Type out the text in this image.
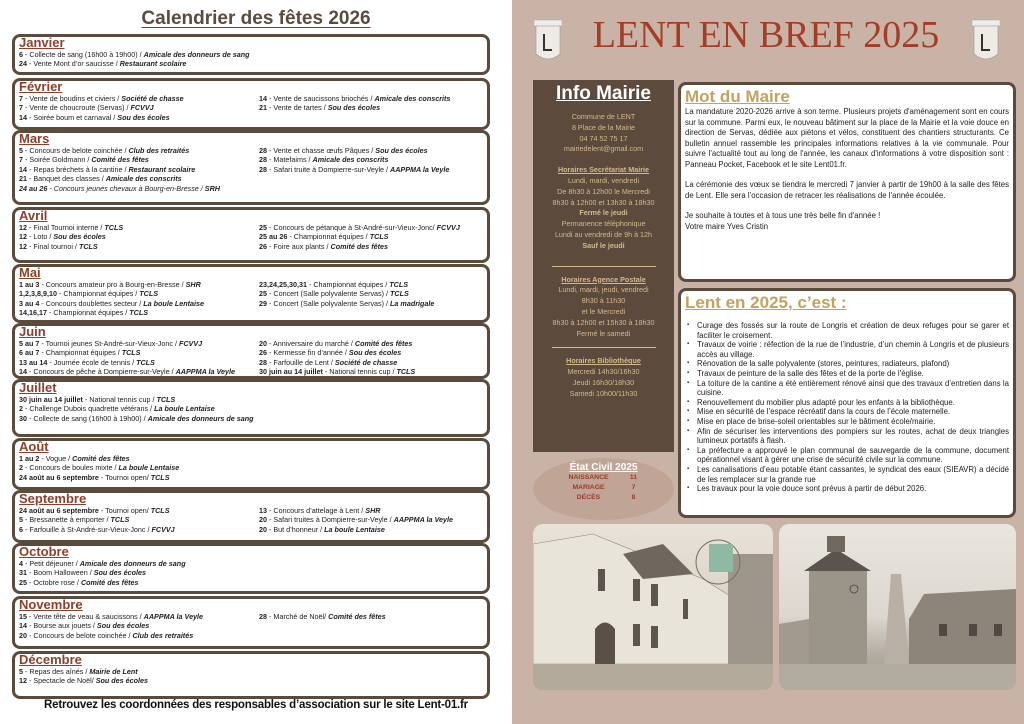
Calendrier des fêtes 2026
Janvier
6 - Collecte de sang (16h00 à 19h00) / Amicale des donneurs de sang
24 - Vente Mont d’or saucisse / Restaurant scolaire
Février
7 - Vente de boudins et civiers / Société de chasse
7 - Vente de choucroute (Servas) / FCVVJ
14 - Soirée boum et carnaval / Sou des écoles
14 - Vente de saucissons briochés / Amicale des conscrits
21 - Vente de tartes / Sou des écoles
Mars
5 - Concours de belote coinchée / Club des retraités
7 - Soirée Goldmann / Comité des fêtes
14 - Repas bréchets à la cantine / Restaurant scolaire
21 - Banquet des classes / Amicale des conscrits
24 au 26 - Concours jeunes chevaux à Bourg-en-Bresse / SRH
28 - Vente et chasse œufs Pâques / Sou des écoles
28 - Matefaims / Amicale des conscrits
28 - Safari truite à Dompierre-sur-Veyle / AAPPMA la Veyle
Avril
12 - Final Tournoi interne / TCLS
12 - Loto / Sou des écoles
12 - Final tournoi / TCLS
25 - Concours de pétanque à St-André-sur-Vieux-Jonc/ FCVVJ
25 au 26 - Championnat équipes / TCLS
26 - Foire aux plants / Comité des fêtes
Mai
1 au 3 - Concours amateur pro à Bourg-en-Bresse / SHR
1,2,3,8,9,10 - Championnat équipes / TCLS
3 au 4 - Concours doublettes secteur / La boule Lentaise
14,16,17 - Championnat équipes / TCLS
23,24,25,30,31 - Championnat équipes / TCLS
25 - Concert (Salle polyvalente Servas) / TCLS
29 - Concert (Salle polyvalente Servas) / La madrigale
Juin
5 au 7 - Tournoi jeunes St-André-sur-Vieux-Jonc / FCVVJ
6 au 7 - Championnat équipes / TCLS
13 au 14 - Journée école de tennis / TCLS
14 - Concours de pêche à Dompierre-sur-Veyle / AAPPMA la Veyle
20 - Anniversaire du marché / Comité des fêtes
26 - Kermesse fin d’année / Sou des écoles
28 - Farfouille de Lent / Société de chasse
30 juin au 14 juillet - National tennis cup / TCLS
Juillet
30 juin au 14 juillet - National tennis cup / TCLS
2 - Challenge Dubois quadrette vétérans / La boule Lentaise
30 - Collecte de sang (16h00 à 19h00) / Amicale des donneurs de sang
Août
1 au 2 - Vogue / Comité des fêtes
2 - Concours de boules mixte / La boule Lentaise
24 août au 6 septembre - Tournoi open/ TCLS
Septembre
24 août au 6 septembre - Tournoi open/ TCLS
5 - Bressanette à emporter / TCLS
6 - Farfouille à St-André-sur-Vieux-Jonc / FCVVJ
13 - Concours d’attelage à Lent / SHR
20 - Safari truites à Dompierre-sur-Veyle / AAPPMA la Veyle
20 - But d’honneur / La boule Lentaise
Octobre
4 - Petit déjeuner / Amicale des donneurs de sang
31 - Boom Halloween / Sou des écoles
25 - Octobre rose / Comité des fêtes
Novembre
15 - Vente tête de veau & saucissons / AAPPMA la Veyle
14 - Bourse aux jouets / Sou des écoles
20 - Concours de belote coinchée / Club des retraités
28 - Marché de Noël/ Comité des fêtes
Décembre
5 - Repas des aînés / Mairie de Lent
12 - Spectacle de Noël/ Sou des écoles
Retrouvez les coordonnées des responsables d’association sur le site Lent-01.fr
LENT EN BREF 2025
Info Mairie
Commune de LENT
8 Place de la Mairie
04 74 52 75 17
mairiedelent@gmail.com
Horaires Secrétariat Mairie
Lundi, mardi, vendredi
De 8h30 à 12h00 le Mercredi
8h30 à 12h00 et 13h30 à 18h30
Fermé le jeudi
Permanence téléphonique
Lundi au vendredi de 9h à 12h
Sauf le jeudi
Horaires Agence Postale
Lundi, mardi, jeudi, vendredi
8h30 à 11h30
et le Mercredi
8h30 à 12h00 et 15h30 à 18h30
Fermé le samedi
Horaires Bibliothèque
Mercredi 14h30/16h30
Jeudi 16h30/18h30
Samedi 10h00/11h30
État Civil 2025
NAISSANCE	11
MARIAGE	7
DÉCÈS	8
Mot du Maire

La mandature 2020-2026 arrive à son terme. Plusieurs projets d'aménagement sont en cours sur la commune. Parmi eux, le nouveau bâtiment sur la place de la Mairie et la voie douce en direction de Servas, dédiée aux piétons et vélos, constituent des chantiers structurants. Ce bulletin annuel rassemble les principales informations relatives à la vie communale. Pour suivre l'actualité tout au long de l'année, les canaux d'informations à votre disposition sont : Panneau Pocket, Facebook et le site Lent01.fr.

La cérémonie des vœux se tiendra le mercredi 7 janvier à partir de 19h00 à la salle des fêtes de Lent. Elle sera l’occasion de retracer les réalisations de l’année écoulée.

Je souhaite à toutes et à tous une très belle fin d'année !

Votre maire Yves Cristin

Lent en 2025, c’est :
▪ Curage des fossés sur la route de Longris et création de deux refuges pour se garer et faciliter le croisement.
▪ Travaux de voirie : réfection de la rue de l’industrie, d’un chemin à Longris et de plusieurs accès au village.
▪ Rénovation de la salle polyvalente (stores, peintures, radiateurs, plafond)
▪ Travaux de peinture de la salle des fêtes et de la porte de l’église.
▪ La toiture de la cantine a été entièrement rénové ainsi que des travaux d’entretien dans la cuisine.
▪ Renouvellement du mobilier plus adapté pour les enfants à la bibliothèque.
▪ Mise en sécurité de l’espace récréatif dans la cours de l’école maternelle.
▪ Mise en place de brise-soleil orientables sur le bâtiment école/mairie.
▪ Afin de sécuriser les interventions des pompiers sur les routes, achat de deux triangles lumineux portatifs à flash.
▪ La préfecture a approuvé le plan communal de sauvegarde de la commune, document opérationnel visant à gérer une crise de sécurité civile sur la commune.
▪ Les canalisations d’eau potable étant cassantes, le syndicat des eaux (SIEAVR) a décidé de les remplacer sur la grande rue
▪ Les travaux pour la voie douce sont prévus à partir de début 2026.
